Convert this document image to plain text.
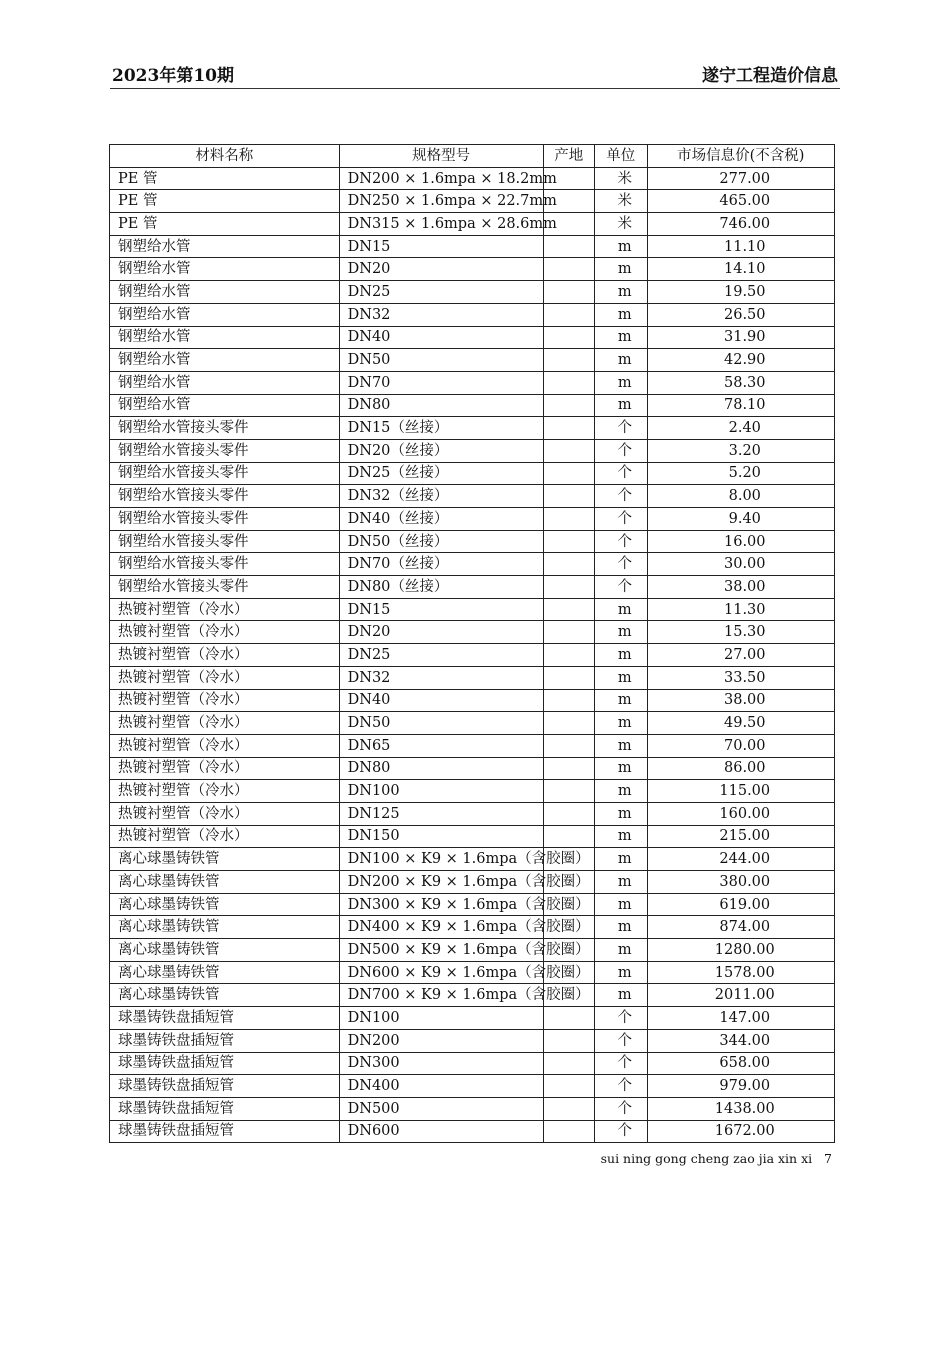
2023年第10期	遂宁工程造价信息
材料名称	规格型号	产地	单位	市场信息价(不含税)
PE 管	DN200 × 1.6mpa × 18.2mm		米	277.00
PE 管	DN250 × 1.6mpa × 22.7mm		米	465.00
PE 管	DN315 × 1.6mpa × 28.6mm		米	746.00
钢塑给水管	DN15		m	11.10
钢塑给水管	DN20		m	14.10
钢塑给水管	DN25		m	19.50
钢塑给水管	DN32		m	26.50
钢塑给水管	DN40		m	31.90
钢塑给水管	DN50		m	42.90
钢塑给水管	DN70		m	58.30
钢塑给水管	DN80		m	78.10
钢塑给水管接头零件	DN15（丝接）		个	2.40
钢塑给水管接头零件	DN20（丝接）		个	3.20
钢塑给水管接头零件	DN25（丝接）		个	5.20
钢塑给水管接头零件	DN32（丝接）		个	8.00
钢塑给水管接头零件	DN40（丝接）		个	9.40
钢塑给水管接头零件	DN50（丝接）		个	16.00
钢塑给水管接头零件	DN70（丝接）		个	30.00
钢塑给水管接头零件	DN80（丝接）		个	38.00
热镀衬塑管（冷水）	DN15		m	11.30
热镀衬塑管（冷水）	DN20		m	15.30
热镀衬塑管（冷水）	DN25		m	27.00
热镀衬塑管（冷水）	DN32		m	33.50
热镀衬塑管（冷水）	DN40		m	38.00
热镀衬塑管（冷水）	DN50		m	49.50
热镀衬塑管（冷水）	DN65		m	70.00
热镀衬塑管（冷水）	DN80		m	86.00
热镀衬塑管（冷水）	DN100		m	115.00
热镀衬塑管（冷水）	DN125		m	160.00
热镀衬塑管（冷水）	DN150		m	215.00
离心球墨铸铁管	DN100 × K9 × 1.6mpa（含胶圈）		m	244.00
离心球墨铸铁管	DN200 × K9 × 1.6mpa（含胶圈）		m	380.00
离心球墨铸铁管	DN300 × K9 × 1.6mpa（含胶圈）		m	619.00
离心球墨铸铁管	DN400 × K9 × 1.6mpa（含胶圈）		m	874.00
离心球墨铸铁管	DN500 × K9 × 1.6mpa（含胶圈）		m	1280.00
离心球墨铸铁管	DN600 × K9 × 1.6mpa（含胶圈）		m	1578.00
离心球墨铸铁管	DN700 × K9 × 1.6mpa（含胶圈）		m	2011.00
球墨铸铁盘插短管	DN100		个	147.00
球墨铸铁盘插短管	DN200		个	344.00
球墨铸铁盘插短管	DN300		个	658.00
球墨铸铁盘插短管	DN400		个	979.00
球墨铸铁盘插短管	DN500		个	1438.00
球墨铸铁盘插短管	DN600		个	1672.00
sui ning gong cheng zao jia xin xi 7
